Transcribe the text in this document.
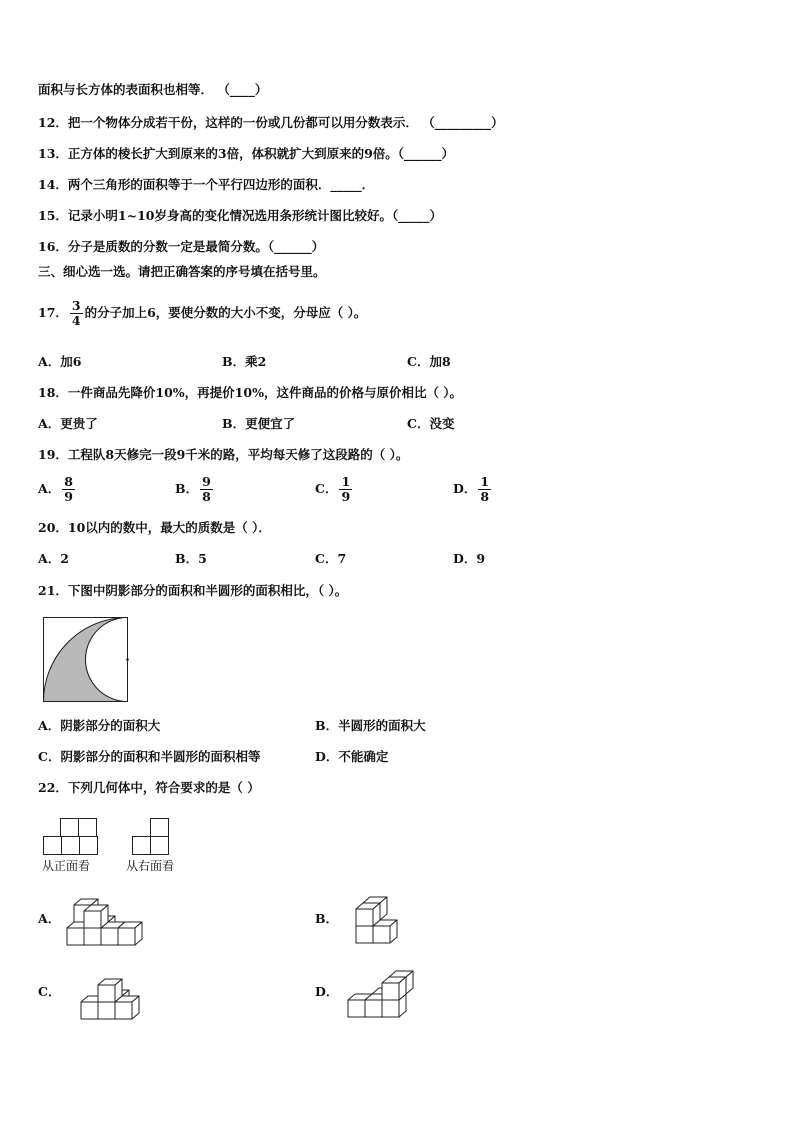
面积与长方体的表面积也相等． （____）
12．把一个物体分成若干份，这样的一份或几份都可以用分数表示． （_________）
13．正方体的棱长扩大到原来的3倍，体积就扩大到原来的9倍。（______）
14．两个三角形的面积等于一个平行四边形的面积．_____．
15．记录小明1~10岁身高的变化情况选用条形统计图比较好。（_____）
16．分子是质数的分数一定是最简分数。（______）
三、细心选一选。请把正确答案的序号填在括号里。
17． $\frac{3}{4}$ 的分子加上6，要使分数的大小不变，分母应（ ）。
A．加6	B．乘2	C．加8
18．一件商品先降价10%，再提价10%，这件商品的价格与原价相比（ ）。
A．更贵了	B．更便宜了	C．没变
19．工程队8天修完一段9千米的路，平均每天修了这段路的（ ）。
A． $\frac{8}{9}$	B． $\frac{9}{8}$	C． $\frac{1}{9}$	D． $\frac{1}{8}$
20．10以内的数中，最大的质数是（ ）．
A．2	B．5	C．7	D．9
21．下图中阴影部分的面积和半圆形的面积相比，（ ）。
A．阴影部分的面积大	B．半圆形的面积大
C．阴影部分的面积和半圆形的面积相等	D．不能确定
22．下列几何体中，符合要求的是（ ）
从正面看	从右面看
A．	B．
C．	D．
